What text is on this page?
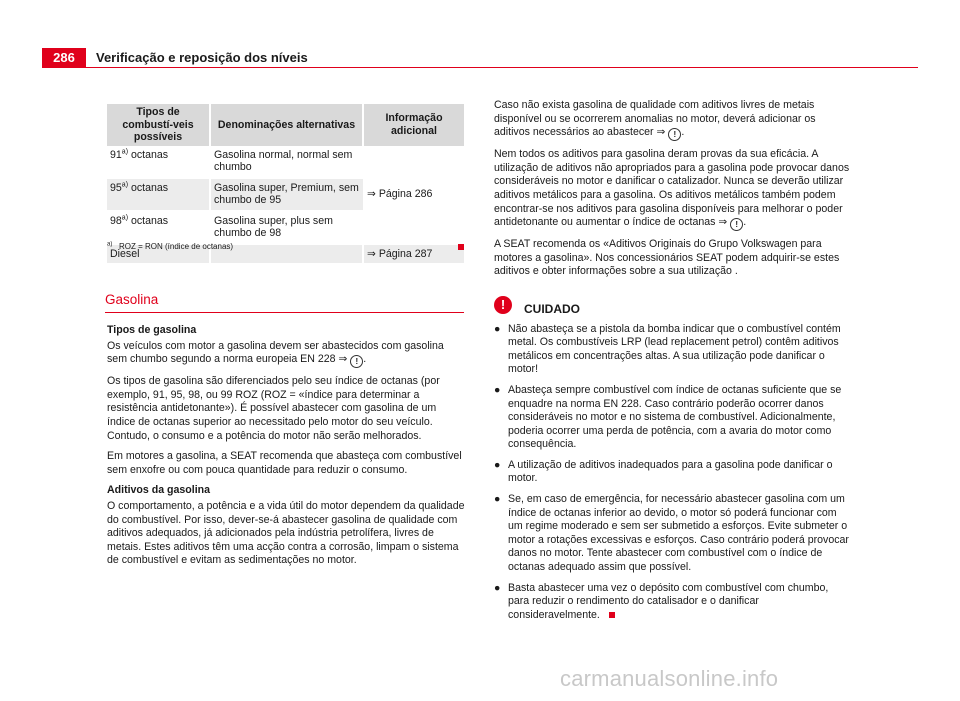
286	Verificação e reposição dos níveis
Tipos de combustí-veis possíveis	Denominações alternativas	Informação adicional
91$^{a)}$ octanas	Gasolina normal, normal sem chumbo	⇒ Página 286
95$^{a)}$ octanas	Gasolina super, Premium, sem chumbo de 95	
98$^{a)}$ octanas	Gasolina super, plus sem chumbo de 98	
Diesel		⇒ Página 287
$^{a)}$ ROZ = RON (índice de octanas)
Gasolina

Tipos de gasolina

Os veículos com motor a gasolina devem ser abastecidos com gasolina sem chumbo segundo a norma europeia EN 228 ⇒ ! .

Os tipos de gasolina são diferenciados pelo seu índice de octanas (por exemplo, 91, 95, 98, ou 99 ROZ (ROZ = «índice para determinar a resistência antidetonante»). É possível abastecer com gasolina de um índice de octanas superior ao necessitado pelo motor do seu veículo. Contudo, o consumo e a potência do motor não serão melhorados.

Em motores a gasolina, a SEAT recomenda que abasteça com combustível sem enxofre ou com pouca quantidade para reduzir o consumo.

Aditivos da gasolina

O comportamento, a potência e a vida útil do motor dependem da qualidade do combustível. Por isso, dever-se-á abastecer gasolina de qualidade com aditivos adequados, já adicionados pela indústria petrolífera, livres de metais. Estes aditivos têm uma acção contra a corrosão, limpam o sistema de combustível e evitam as sedimentações no motor.

Caso não exista gasolina de qualidade com aditivos livres de metais disponível ou se ocorrerem anomalias no motor, deverá adicionar os aditivos necessários ao abastecer ⇒ ! .

Nem todos os aditivos para gasolina deram provas da sua eficácia. A utilização de aditivos não apropriados para a gasolina pode provocar danos consideráveis no motor e danificar o catalizador. Nunca se deverão utilizar aditivos metálicos para a gasolina. Os aditivos metálicos também podem encontrar-se nos aditivos para gasolina disponíveis para melhorar o poder antidetonante ou aumentar o índice de octanas ⇒ ! .

A SEAT recomenda os «Aditivos Originais do Grupo Volkswagen para motores a gasolina». Nos concessionários SEAT podem adquirir-se estes aditivos e obter informações sobre a sua utilização .

!	CUIDADO
● Não abasteça se a pistola da bomba indicar que o combustível contém metal. Os combustíveis LRP (lead replacement petrol) contêm aditivos metálicos em concentrações altas. A sua utilização pode danificar o motor!
● Abasteça sempre combustível com índice de octanas suficiente que se enquadre na norma EN 228. Caso contrário poderão ocorrer danos consideráveis no motor e no sistema de combustível. Adicionalmente, poderia ocorrer uma perda de potência, com a avaria do motor como consequência.
● A utilização de aditivos inadequados para a gasolina pode danificar o motor.
● Se, em caso de emergência, for necessário abastecer gasolina com um índice de octanas inferior ao devido, o motor só poderá funcionar com um regime moderado e sem ser submetido a esforços. Evite submeter o motor a rotações excessivas e esforços. Caso contrário poderá provocar danos no motor. Tente abastecer com combustível com o índice de octanas adequado assim que possível.
● Basta abastecer uma vez o depósito com combustível com chumbo, para reduzir o rendimento do catalisador e o danificar consideravelmente.
carmanualsonline.info
